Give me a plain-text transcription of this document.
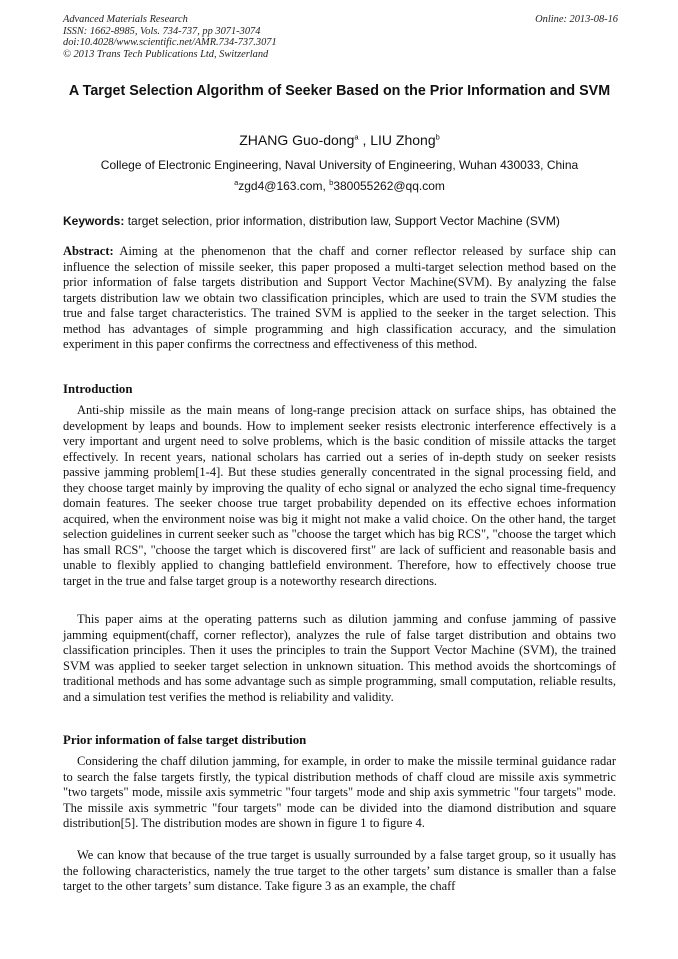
Advanced Materials Research
ISSN: 1662-8985, Vols. 734-737, pp 3071-3074
doi:10.4028/www.scientific.net/AMR.734-737.3071
© 2013 Trans Tech Publications Ltd, Switzerland
Online: 2013-08-16
A Target Selection Algorithm of Seeker Based on the Prior Information and SVM
ZHANG Guo-dong$^a$ , LIU Zhong$^b$
College of Electronic Engineering, Naval University of Engineering, Wuhan 430033, China
$^a$zgd4@163.com, $^b$380055262@qq.com
Keywords: target selection, prior information, distribution law, Support Vector Machine (SVM)
Abstract: Aiming at the phenomenon that the chaff and corner reflector released by surface ship can influence the selection of missile seeker, this paper proposed a multi-target selection method based on the prior information of false targets distribution and Support Vector Machine(SVM). By analyzing the false targets distribution law we obtain two classification principles, which are used to train the SVM studies the true and false target characteristics. The trained SVM is applied to the seeker in the target selection. This method has advantages of simple programming and high classification accuracy, and the simulation experiment in this paper confirms the correctness and effectiveness of this method.
Introduction
Anti-ship missile as the main means of long-range precision attack on surface ships, has obtained the development by leaps and bounds. How to implement seeker resists electronic interference effectively is a very important and urgent need to solve problems, which is the basic condition of missile attacks the target effectively. In recent years, national scholars has carried out a series of in-depth study on seeker resists passive jamming problem[1-4]. But these studies generally concentrated in the signal processing field, and they choose target mainly by improving the quality of echo signal or analyzed the echo signal time-frequency domain features. The seeker choose true target probability depended on its effective echoes information acquired, when the environment noise was big it might not make a valid choice. On the other hand, the target selection guidelines in current seeker such as "choose the target which has big RCS", "choose the target which has small RCS", "choose the target which is discovered first" are lack of sufficient and reasonable basis and unable to flexibly applied to changing battlefield environment. Therefore, how to effectively choose true target in the true and false target group is a noteworthy research directions.
This paper aims at the operating patterns such as dilution jamming and confuse jamming of passive jamming equipment(chaff, corner reflector), analyzes the rule of false target distribution and obtains two classification principles. Then it uses the principles to train the Support Vector Machine (SVM), the trained SVM was applied to seeker target selection in unknown situation. This method avoids the shortcomings of traditional methods and has some advantage such as simple programming, small computation, reliable results, and a simulation test verifies the method is reliability and validity.
Prior information of false target distribution
Considering the chaff dilution jamming, for example, in order to make the missile terminal guidance radar to search the false targets firstly, the typical distribution methods of chaff cloud are missile axis symmetric "two targets" mode, missile axis symmetric "four targets" mode and ship axis symmetric "four targets" mode. The missile axis symmetric "four targets" mode can be divided into the diamond distribution and square distribution[5]. The distribution modes are shown in figure 1 to figure 4.
We can know that because of the true target is usually surrounded by a false target group, so it usually has the following characteristics, namely the true target to the other targets’ sum distance is smaller than a false target to the other targets’ sum distance. Take figure 3 as an example, the chaff
